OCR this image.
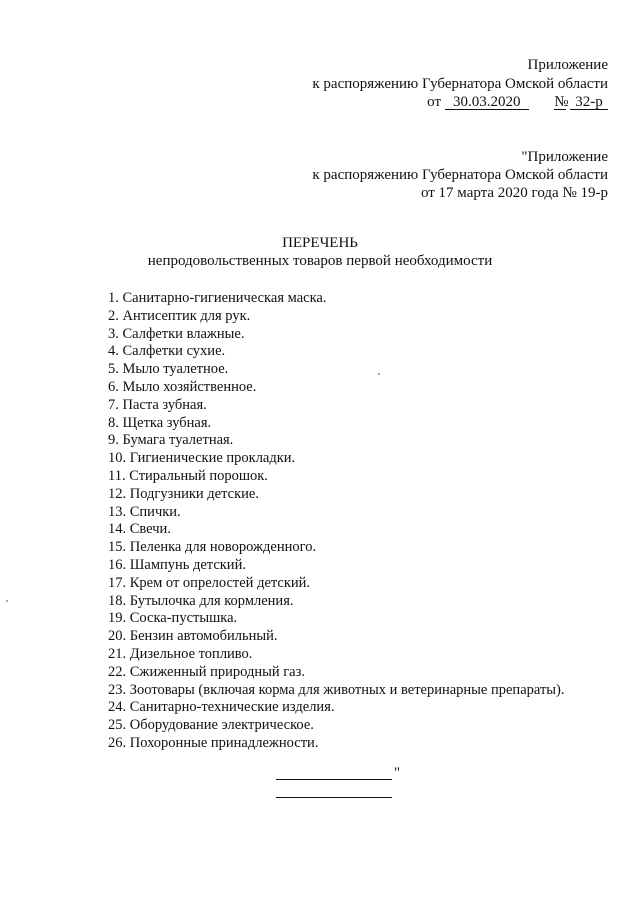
Приложение
к распоряжению Губернатора Омской области
от 30.03.2020 № 32-р
"Приложение
к распоряжению Губернатора Омской области
от 17 марта 2020 года № 19-р
ПЕРЕЧЕНЬ
непродовольственных товаров первой необходимости
1. Санитарно-гигиеническая маска.
2. Антисептик для рук.
3. Салфетки влажные.
4. Салфетки сухие.
5. Мыло туалетное.
6. Мыло хозяйственное.
7. Паста зубная.
8. Щетка зубная.
9. Бумага туалетная.
10. Гигиенические прокладки.
11. Стиральный порошок.
12. Подгузники детские.
13. Спички.
14. Свечи.
15. Пеленка для новорожденного.
16. Шампунь детский.
17. Крем от опрелостей детский.
18. Бутылочка для кормления.
19. Соска-пустышка.
20. Бензин автомобильный.
21. Дизельное топливо.
22. Сжиженный природный газ.
23. Зоотовары (включая корма для животных и ветеринарные препараты).
24. Санитарно-технические изделия.
25. Оборудование электрическое.
26. Похоронные принадлежности.
"
